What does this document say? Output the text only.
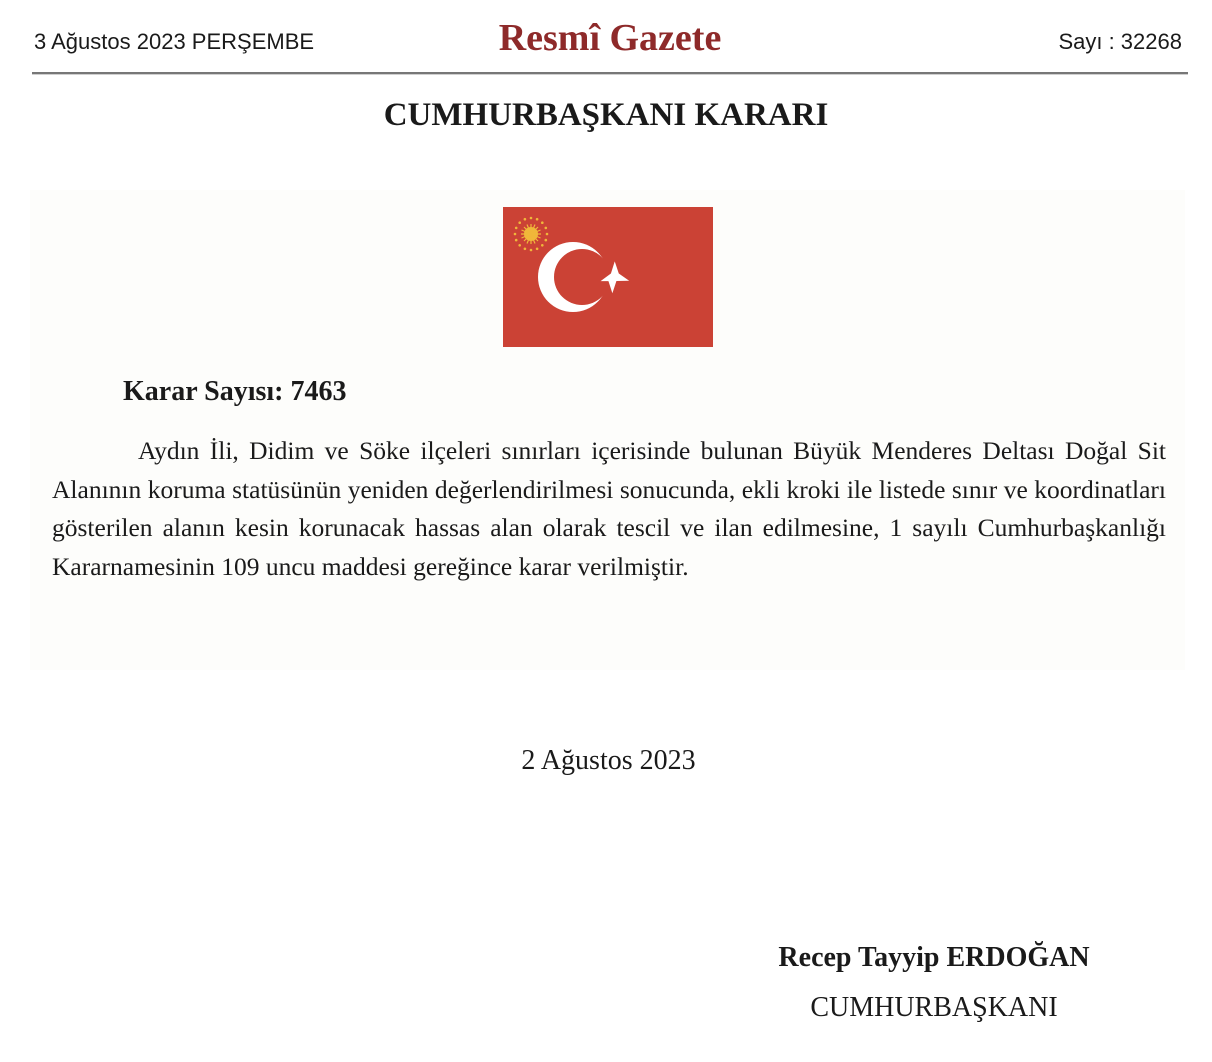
3 Ağustos 2023 PERŞEMBE	Resmî Gazete	Sayı : 32268
CUMHURBAŞKANI KARARI
Karar Sayısı: 7463

Aydın İli, Didim ve Söke ilçeleri sınırları içerisinde bulunan Büyük Menderes Deltası Doğal Sit Alanının koruma statüsünün yeniden değerlendirilmesi sonucunda, ekli kroki ile listede sınır ve koordinatları gösterilen alanın kesin korunacak hassas alan olarak tescil ve ilan edilmesine, 1 sayılı Cumhurbaşkanlığı Kararnamesinin 109 uncu maddesi gereğince karar verilmiştir.

2 Ağustos 2023
Recep Tayyip ERDOĞAN
CUMHURBAŞKANI
